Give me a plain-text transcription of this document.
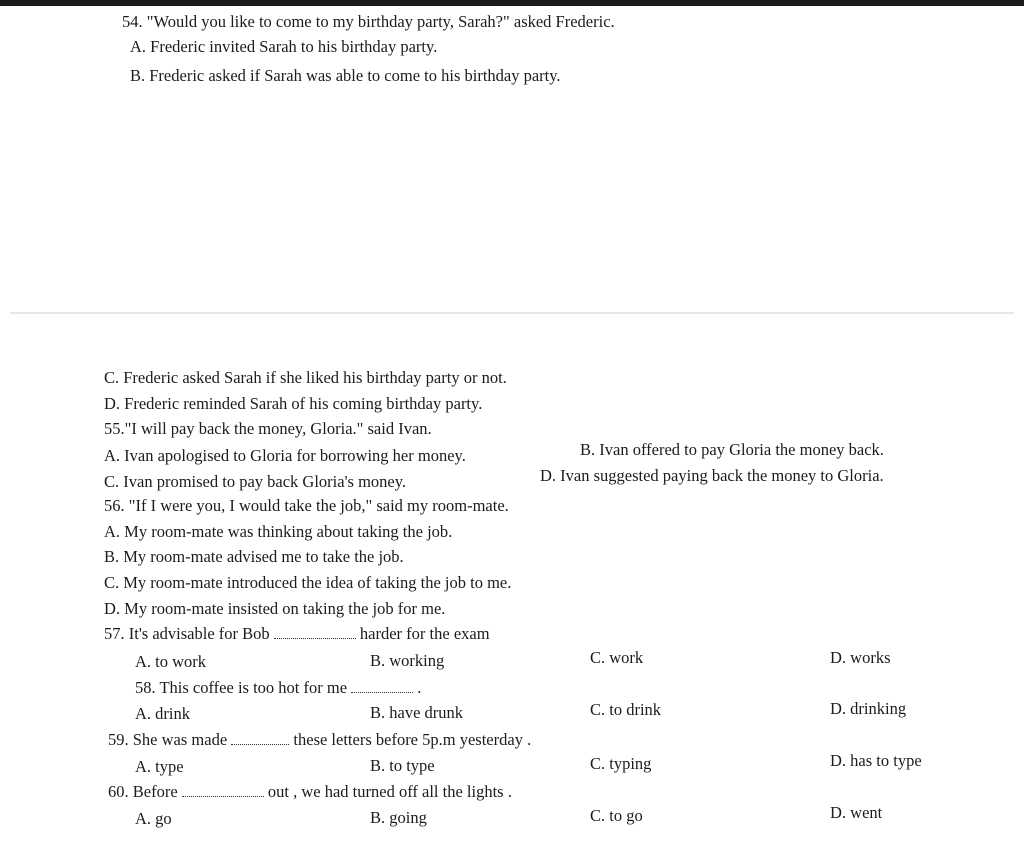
54. "Would you like to come to my birthday party, Sarah?" asked Frederic.
A. Frederic invited Sarah to his birthday party.
B. Frederic asked if Sarah was able to come to his birthday party.
C. Frederic asked Sarah if she liked his birthday party or not.
D. Frederic reminded Sarah of his coming birthday party.
55."I will pay back the money, Gloria." said Ivan.
A. Ivan apologised to Gloria for borrowing her money.	B. Ivan offered to pay Gloria the money back.
C. Ivan promised to pay back Gloria's money.	D. Ivan suggested paying back the money to Gloria.
56. "If I were you, I would take the job," said my room-mate.
A. My room-mate was thinking about taking the job.
B. My room-mate advised me to take the job.
C. My room-mate introduced the idea of taking the job to me.
D. My room-mate insisted on taking the job for me.
57. It's advisable for Bob	harder for the exam
A. to work	B. working	C. work	D. works
58. This coffee is too hot for me	.
A. drink	B. have drunk	C. to drink	D. drinking
59. She was made	these letters before 5p.m yesterday .
A. type	B. to type	C. typing	D. has to type
60. Before	out , we had turned off all the lights .
A. go	B. going	C. to go	D. went
